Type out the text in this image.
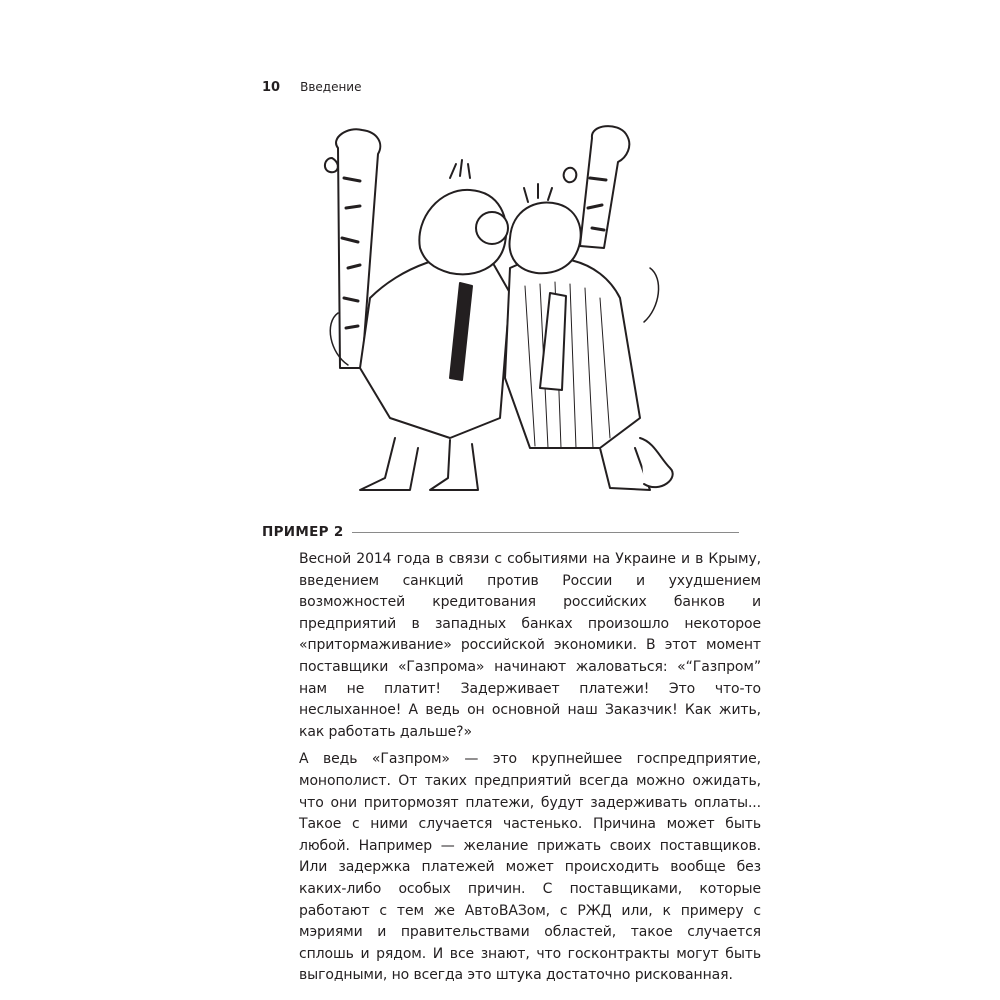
10 Введение
ПРИМЕР 2

Весной 2014 года в связи с событиями на Украине и в Крыму, введением санкций против России и ухудшением возможностей кредитования российских банков и предприятий в западных банках произошло некоторое «притормаживание» российской экономики. В этот момент поставщики «Газпрома» начинают жаловаться: «“Газпром” нам не платит! Задерживает платежи! Это что-то неслыханное! А ведь он основной наш Заказчик! Как жить, как работать дальше?»

А ведь «Газпром» — это крупнейшее госпредприятие, монополист. От таких предприятий всегда можно ожидать, что они притормозят платежи, будут задерживать оплаты... Такое с ними случается частенько. Причина может быть любой. Например — желание прижать своих поставщиков. Или задержка платежей может происходить вообще без каких-либо особых причин. С поставщиками, которые работают с тем же АвтоВАЗом, с РЖД или, к примеру с мэриями и правительствами областей, такое случается сплошь и рядом. И все знают, что госконтракты могут быть выгодными, но всегда это штука достаточно рискованная.
